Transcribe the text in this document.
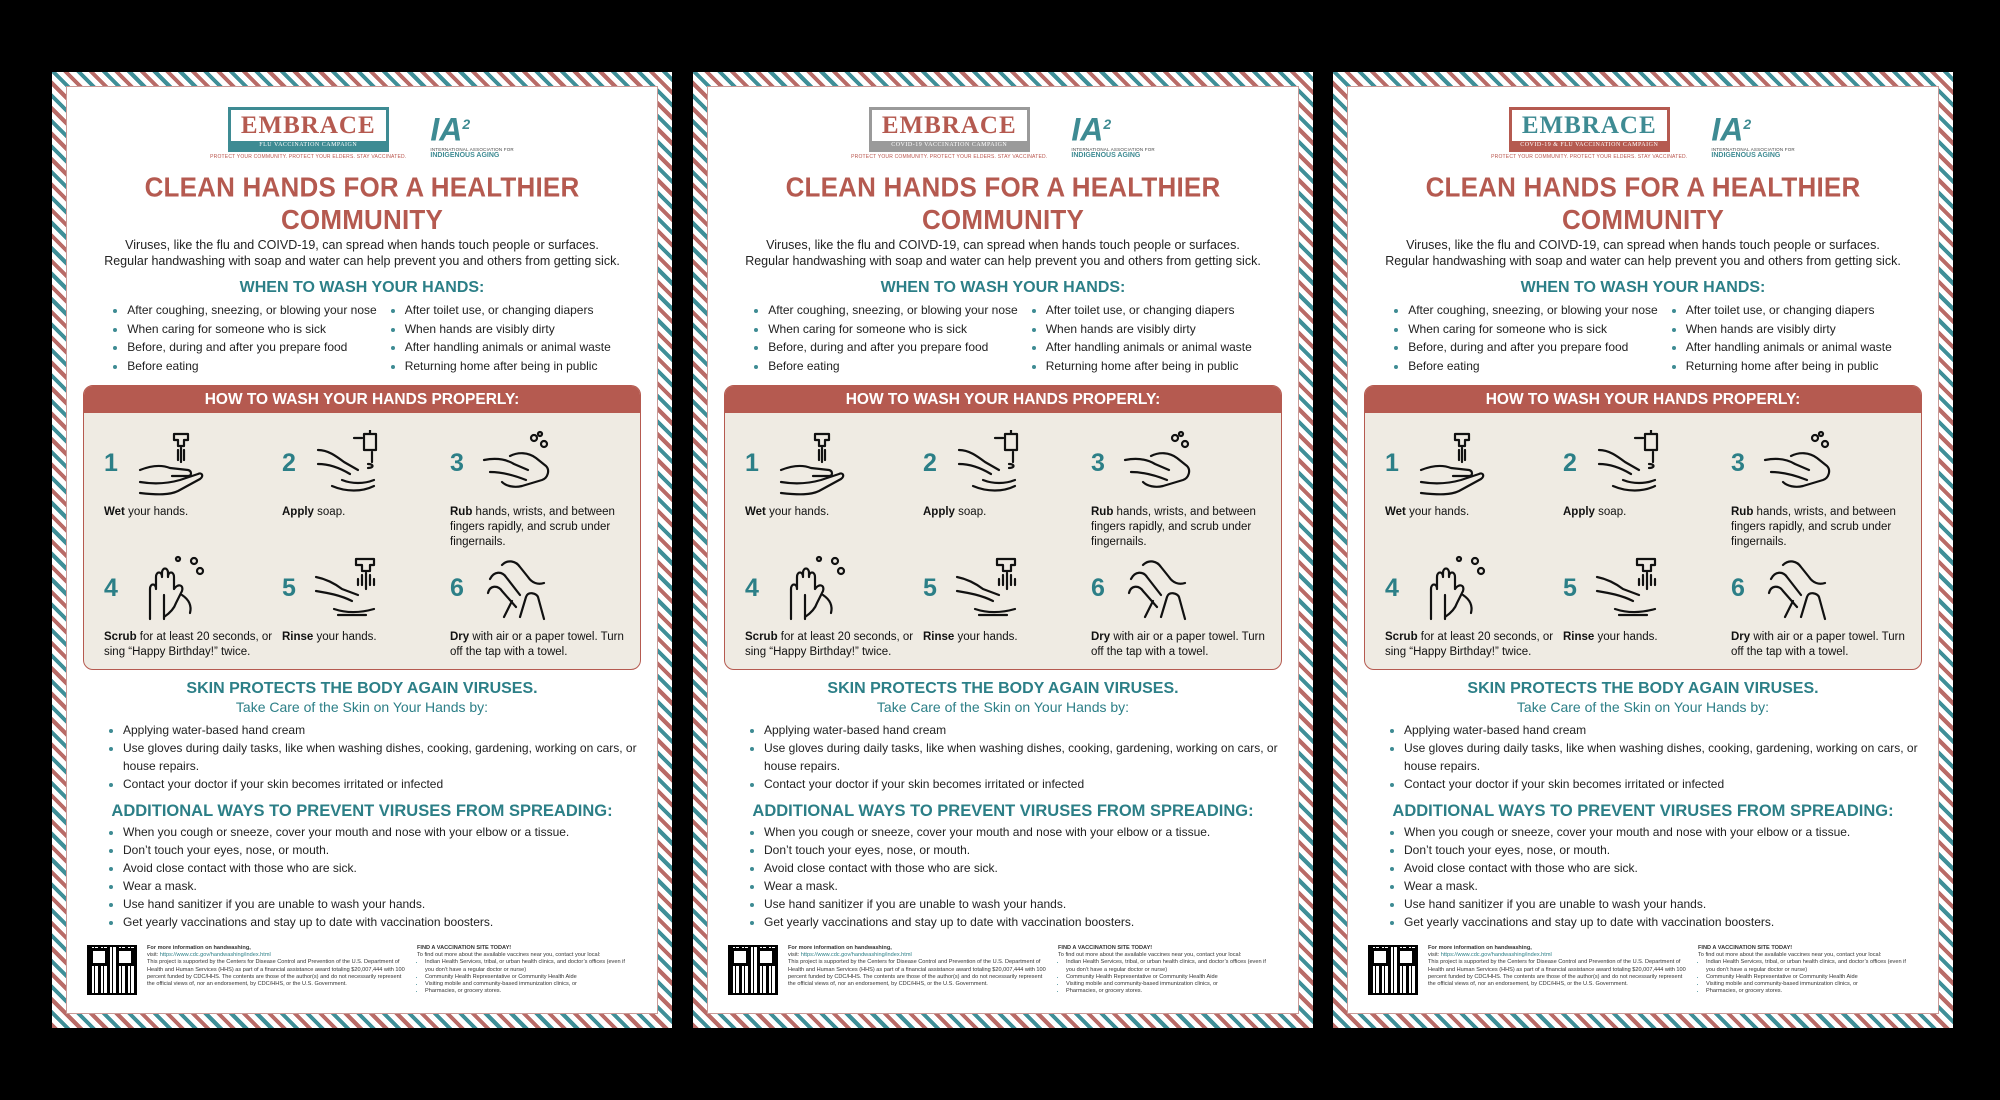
EMBRACE
FLU VACCINATION CAMPAIGN
PROTECT YOUR COMMUNITY. PROTECT YOUR ELDERS. STAY VACCINATED.
$IA^2$
INTERNATIONAL ASSOCIATION FOR
INDIGENOUS AGING
CLEAN HANDS FOR A HEALTHIER COMMUNITY
Viruses, like the flu and COIVD-19, can spread when hands touch people or surfaces.
Regular handwashing with soap and water can help prevent you and others from getting sick.
WHEN TO WASH YOUR HANDS:
• After coughing, sneezing, or blowing your nose
• When caring for someone who is sick
• Before, during and after you prepare food
• Before eating
• After toilet use, or changing diapers
• When hands are visibly dirty
• After handling animals or animal waste
• Returning home after being in public
HOW TO WASH YOUR HANDS PROPERLY:
1
Wet your hands.
2
Apply soap.
3
Rub hands, wrists, and between fingers rapidly, and scrub under fingernails.
4
Scrub for at least 20 seconds, or sing “Happy Birthday!” twice.
5
Rinse your hands.
6
Dry with air or a paper towel. Turn off the tap with a towel.
SKIN PROTECTS THE BODY AGAIN VIRUSES.
Take Care of the Skin on Your Hands by:
• Applying water-based hand cream
• Use gloves during daily tasks, like when washing dishes, cooking, gardening, working on cars, or house repairs.
• Contact your doctor if your skin becomes irritated or infected
ADDITIONAL WAYS TO PREVENT VIRUSES FROM SPREADING:
• When you cough or sneeze, cover your mouth and nose with your elbow or a tissue.
• Don’t touch your eyes, nose, or mouth.
• Avoid close contact with those who are sick.
• Wear a mask.
• Use hand sanitizer if you are unable to wash your hands.
• Get yearly vaccinations and stay up to date with vaccination boosters.
For more information on handwashing,
visit: https://www.cdc.gov/handwashing/index.html
This project is supported by the Centers for Disease Control and Prevention of the U.S. Department of Health and Human Services (HHS) as part of a financial assistance award totaling $20,007,444 with 100 percent funded by CDC/HHS. The contents are those of the author(s) and do not necessarily represent the official views of, nor an endorsement, by CDC/HHS, or the U.S. Government.
FIND A VACCINATION SITE TODAY!
To find out more about the available vaccines near you, contact your local:
• Indian Health Services, tribal, or urban health clinics, and doctor’s offices (even if you don’t have a regular doctor or nurse)
• Community Health Representative or Community Health Aide
• Visiting mobile and community-based immunization clinics, or
• Pharmacies, or grocery stores.
EMBRACE
COVID-19 VACCINATION CAMPAIGN
PROTECT YOUR COMMUNITY. PROTECT YOUR ELDERS. STAY VACCINATED.
$IA^2$
INTERNATIONAL ASSOCIATION FOR
INDIGENOUS AGING
CLEAN HANDS FOR A HEALTHIER COMMUNITY
Viruses, like the flu and COIVD-19, can spread when hands touch people or surfaces.
Regular handwashing with soap and water can help prevent you and others from getting sick.
WHEN TO WASH YOUR HANDS:
• After coughing, sneezing, or blowing your nose
• When caring for someone who is sick
• Before, during and after you prepare food
• Before eating
• After toilet use, or changing diapers
• When hands are visibly dirty
• After handling animals or animal waste
• Returning home after being in public
HOW TO WASH YOUR HANDS PROPERLY:
1
Wet your hands.
2
Apply soap.
3
Rub hands, wrists, and between fingers rapidly, and scrub under fingernails.
4
Scrub for at least 20 seconds, or sing “Happy Birthday!” twice.
5
Rinse your hands.
6
Dry with air or a paper towel. Turn off the tap with a towel.
SKIN PROTECTS THE BODY AGAIN VIRUSES.
Take Care of the Skin on Your Hands by:
• Applying water-based hand cream
• Use gloves during daily tasks, like when washing dishes, cooking, gardening, working on cars, or house repairs.
• Contact your doctor if your skin becomes irritated or infected
ADDITIONAL WAYS TO PREVENT VIRUSES FROM SPREADING:
• When you cough or sneeze, cover your mouth and nose with your elbow or a tissue.
• Don’t touch your eyes, nose, or mouth.
• Avoid close contact with those who are sick.
• Wear a mask.
• Use hand sanitizer if you are unable to wash your hands.
• Get yearly vaccinations and stay up to date with vaccination boosters.
For more information on handwashing,
visit: https://www.cdc.gov/handwashing/index.html
This project is supported by the Centers for Disease Control and Prevention of the U.S. Department of Health and Human Services (HHS) as part of a financial assistance award totaling $20,007,444 with 100 percent funded by CDC/HHS. The contents are those of the author(s) and do not necessarily represent the official views of, nor an endorsement, by CDC/HHS, or the U.S. Government.
FIND A VACCINATION SITE TODAY!
To find out more about the available vaccines near you, contact your local:
• Indian Health Services, tribal, or urban health clinics, and doctor’s offices (even if you don’t have a regular doctor or nurse)
• Community Health Representative or Community Health Aide
• Visiting mobile and community-based immunization clinics, or
• Pharmacies, or grocery stores.
EMBRACE
COVID-19 & FLU VACCINATION CAMPAIGN
PROTECT YOUR COMMUNITY. PROTECT YOUR ELDERS. STAY VACCINATED.
$IA^2$
INTERNATIONAL ASSOCIATION FOR
INDIGENOUS AGING
CLEAN HANDS FOR A HEALTHIER COMMUNITY
Viruses, like the flu and COIVD-19, can spread when hands touch people or surfaces.
Regular handwashing with soap and water can help prevent you and others from getting sick.
WHEN TO WASH YOUR HANDS:
• After coughing, sneezing, or blowing your nose
• When caring for someone who is sick
• Before, during and after you prepare food
• Before eating
• After toilet use, or changing diapers
• When hands are visibly dirty
• After handling animals or animal waste
• Returning home after being in public
HOW TO WASH YOUR HANDS PROPERLY:
1
Wet your hands.
2
Apply soap.
3
Rub hands, wrists, and between fingers rapidly, and scrub under fingernails.
4
Scrub for at least 20 seconds, or sing “Happy Birthday!” twice.
5
Rinse your hands.
6
Dry with air or a paper towel. Turn off the tap with a towel.
SKIN PROTECTS THE BODY AGAIN VIRUSES.
Take Care of the Skin on Your Hands by:
• Applying water-based hand cream
• Use gloves during daily tasks, like when washing dishes, cooking, gardening, working on cars, or house repairs.
• Contact your doctor if your skin becomes irritated or infected
ADDITIONAL WAYS TO PREVENT VIRUSES FROM SPREADING:
• When you cough or sneeze, cover your mouth and nose with your elbow or a tissue.
• Don’t touch your eyes, nose, or mouth.
• Avoid close contact with those who are sick.
• Wear a mask.
• Use hand sanitizer if you are unable to wash your hands.
• Get yearly vaccinations and stay up to date with vaccination boosters.
For more information on handwashing,
visit: https://www.cdc.gov/handwashing/index.html
This project is supported by the Centers for Disease Control and Prevention of the U.S. Department of Health and Human Services (HHS) as part of a financial assistance award totaling $20,007,444 with 100 percent funded by CDC/HHS. The contents are those of the author(s) and do not necessarily represent the official views of, nor an endorsement, by CDC/HHS, or the U.S. Government.
FIND A VACCINATION SITE TODAY!
To find out more about the available vaccines near you, contact your local:
• Indian Health Services, tribal, or urban health clinics, and doctor’s offices (even if you don’t have a regular doctor or nurse)
• Community Health Representative or Community Health Aide
• Visiting mobile and community-based immunization clinics, or
• Pharmacies, or grocery stores.
